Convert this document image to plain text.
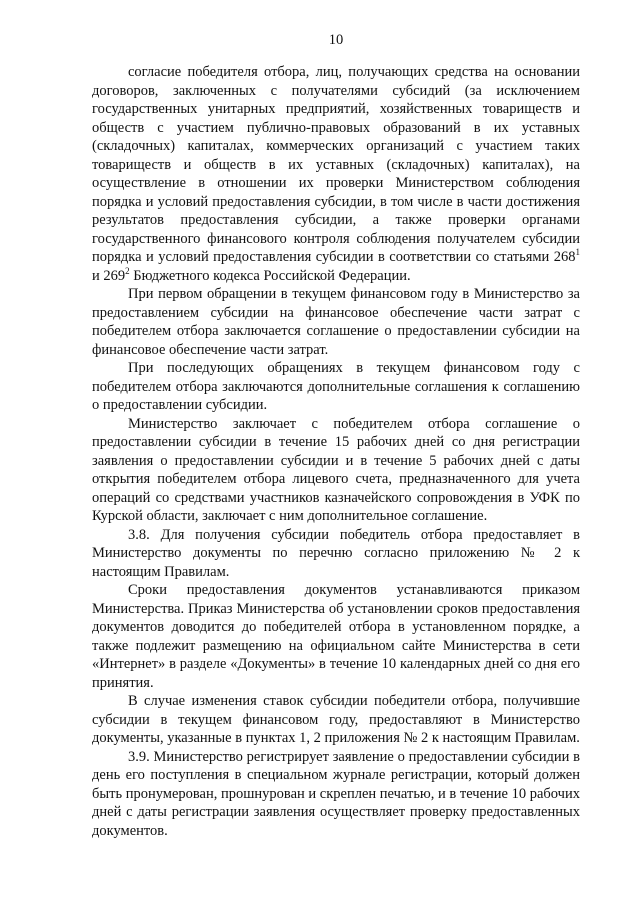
10

согласие победителя отбора, лиц, получающих средства на основании договоров, заключенных с получателями субсидий (за исключением государственных унитарных предприятий, хозяйственных товариществ и обществ с участием публично-правовых образований в их уставных (складочных) капиталах, коммерческих организаций с участием таких товариществ и обществ в их уставных (складочных) капиталах), на осуществление в отношении их проверки Министерством соблюдения порядка и условий предоставления субсидии, в том числе в части достижения результатов предоставления субсидии, а также проверки органами государственного финансового контроля соблюдения получателем субсидии порядка и условий предоставления субсидии в соответствии со статьями $268^1$ и $269^2$ Бюджетного кодекса Российской Федерации.

При первом обращении в текущем финансовом году в Министерство за предоставлением субсидии на финансовое обеспечение части затрат с победителем отбора заключается соглашение о предоставлении субсидии на финансовое обеспечение части затрат.

При последующих обращениях в текущем финансовом году с победителем отбора заключаются дополнительные соглашения к соглашению о предоставлении субсидии.

Министерство заключает с победителем отбора соглашение о предоставлении субсидии в течение 15 рабочих дней со дня регистрации заявления о предоставлении субсидии и в течение 5 рабочих дней с даты открытия победителем отбора лицевого счета, предназначенного для учета операций со средствами участников казначейского сопровождения в УФК по Курской области, заключает с ним дополнительное соглашение.

3.8. Для получения субсидии победитель отбора предоставляет в Министерство документы по перечню согласно приложению № 2 к настоящим Правилам.

Сроки предоставления документов устанавливаются приказом Министерства. Приказ Министерства об установлении сроков предоставления документов доводится до победителей отбора в установленном порядке, а также подлежит размещению на официальном сайте Министерства в сети «Интернет» в разделе «Документы» в течение 10 календарных дней со дня его принятия.

В случае изменения ставок субсидии победители отбора, получившие субсидии в текущем финансовом году, предоставляют в Министерство документы, указанные в пунктах 1, 2 приложения № 2 к настоящим Правилам.

3.9. Министерство регистрирует заявление о предоставлении субсидии в день его поступления в специальном журнале регистрации, который должен быть пронумерован, прошнурован и скреплен печатью, и в течение 10 рабочих дней с даты регистрации заявления осуществляет проверку предоставленных документов.
